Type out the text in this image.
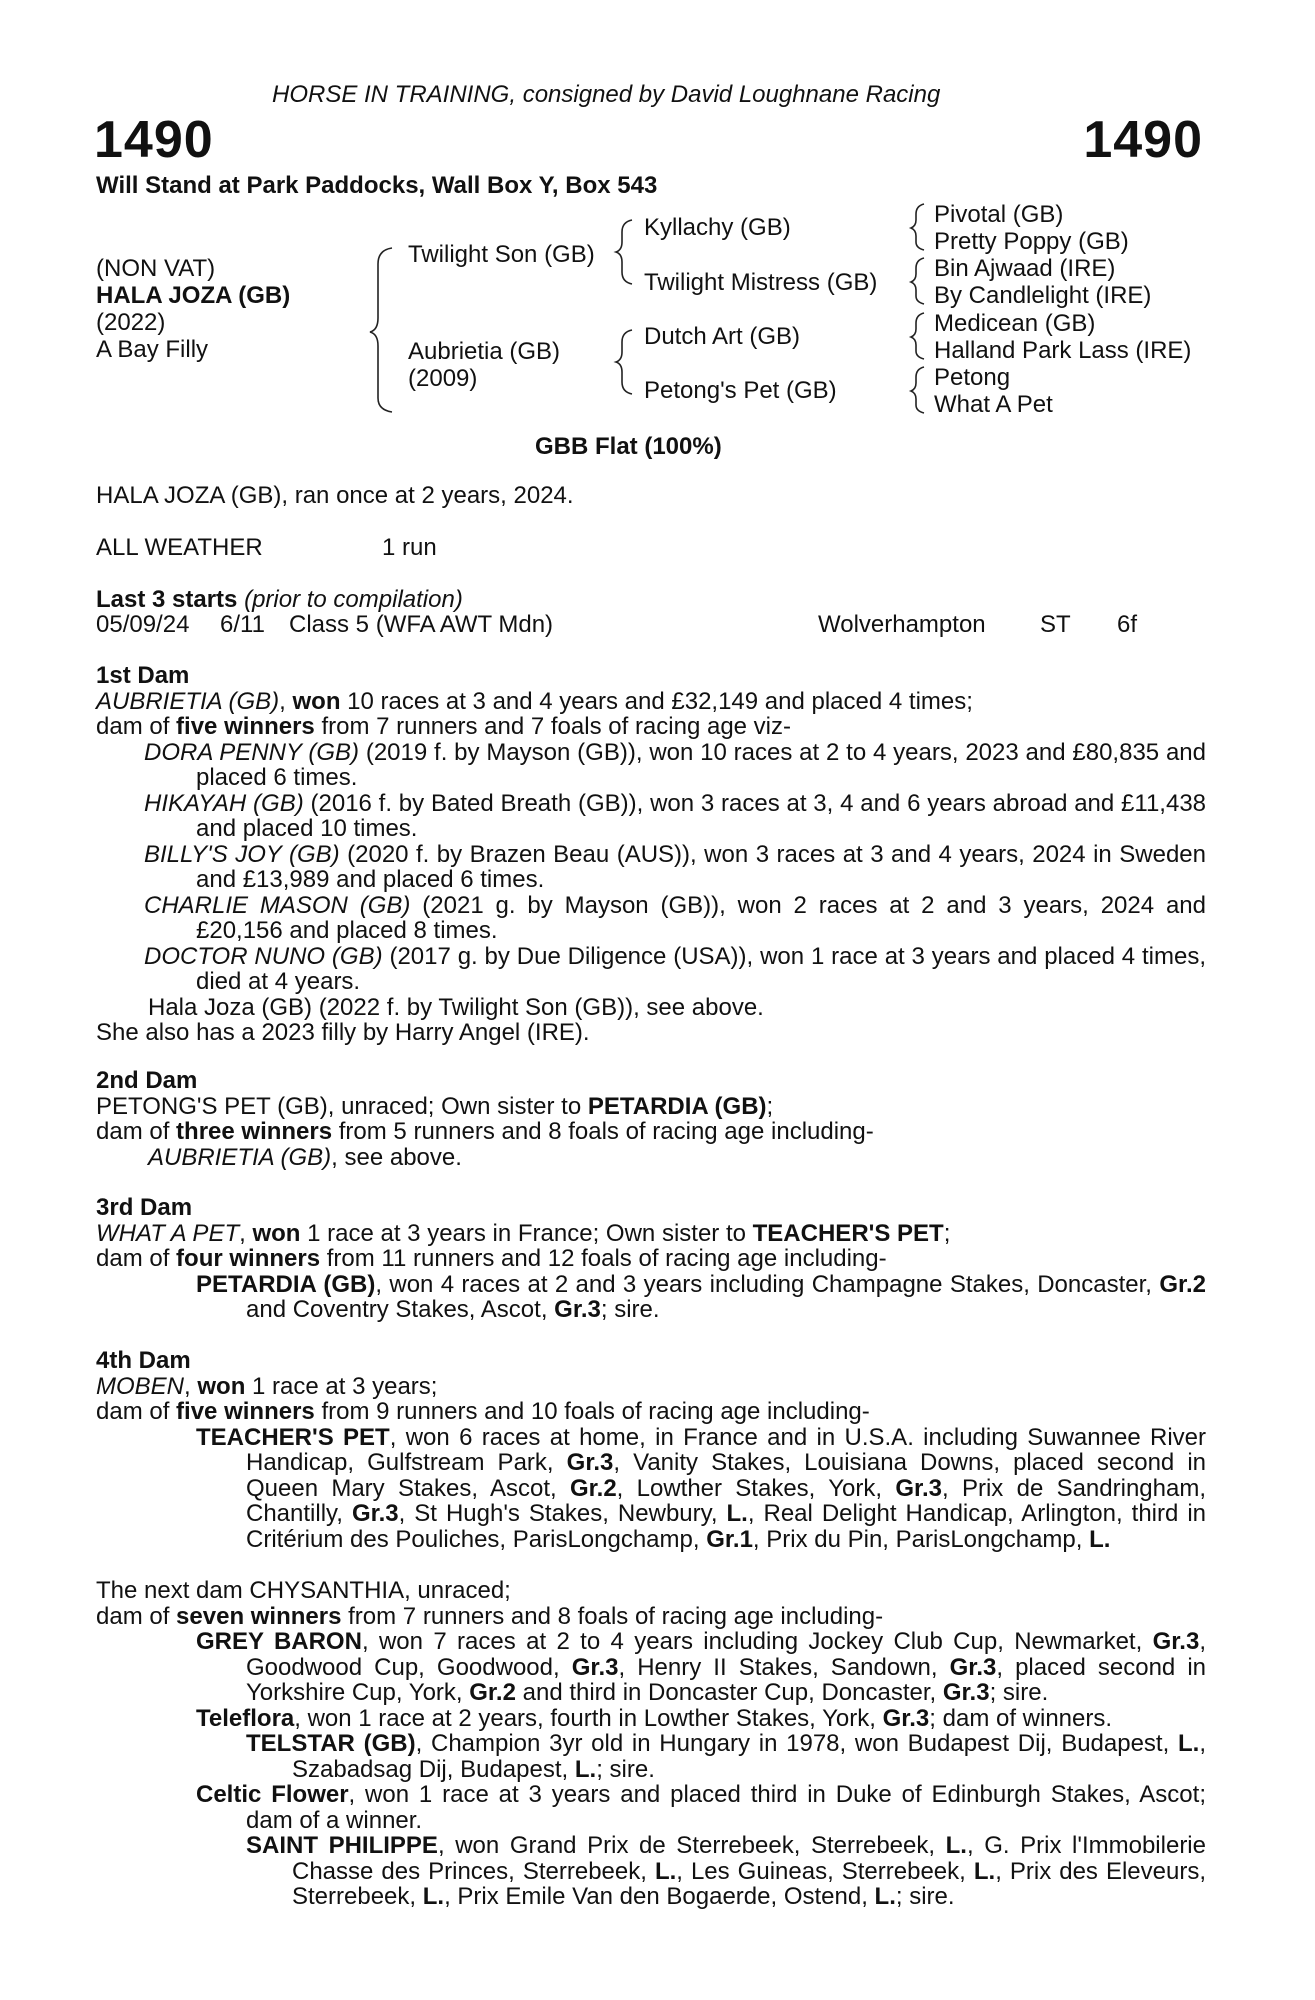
HORSE IN TRAINING, consigned by David Loughnane Racing
1490	1490
Will Stand at Park Paddocks, Wall Box Y, Box 543
(NON VAT)
HALA JOZA (GB)
(2022)
A Bay Filly
Twilight Son (GB)
Aubrietia (GB)
(2009)
Kyllachy (GB)
Twilight Mistress (GB)
Dutch Art (GB)
Petong's Pet (GB)
Pivotal (GB)
Pretty Poppy (GB)
Bin Ajwaad (IRE)
By Candlelight (IRE)
Medicean (GB)
Halland Park Lass (IRE)
Petong
What A Pet
GBB Flat (100%)
HALA JOZA (GB), ran once at 2 years, 2024.
ALL WEATHER	1 run
Last 3 starts (prior to compilation)
05/09/24 6/11 Class 5 (WFA AWT Mdn)	Wolverhampton ST 6f

1st Dam

AUBRIETIA (GB), won 10 races at 3 and 4 years and £32,149 and placed 4 times;

dam of five winners from 7 runners and 7 foals of racing age viz-

DORA PENNY (GB) (2019 f. by Mayson (GB)), won 10 races at 2 to 4 years, 2023 and £80,835 and placed 6 times.

HIKAYAH (GB) (2016 f. by Bated Breath (GB)), won 3 races at 3, 4 and 6 years abroad and £11,438 and placed 10 times.

BILLY'S JOY (GB) (2020 f. by Brazen Beau (AUS)), won 3 races at 3 and 4 years, 2024 in Sweden and £13,989 and placed 6 times.

CHARLIE MASON (GB) (2021 g. by Mayson (GB)), won 2 races at 2 and 3 years, 2024 and £20,156 and placed 8 times.

DOCTOR NUNO (GB) (2017 g. by Due Diligence (USA)), won 1 race at 3 years and placed 4 times, died at 4 years.

Hala Joza (GB) (2022 f. by Twilight Son (GB)), see above.

She also has a 2023 filly by Harry Angel (IRE).

2nd Dam

PETONG'S PET (GB), unraced; Own sister to PETARDIA (GB);

dam of three winners from 5 runners and 8 foals of racing age including-

AUBRIETIA (GB), see above.

3rd Dam

WHAT A PET, won 1 race at 3 years in France; Own sister to TEACHER'S PET;

dam of four winners from 11 runners and 12 foals of racing age including-

PETARDIA (GB), won 4 races at 2 and 3 years including Champagne Stakes, Doncaster, Gr.2 and Coventry Stakes, Ascot, Gr.3; sire.

4th Dam

MOBEN, won 1 race at 3 years;

dam of five winners from 9 runners and 10 foals of racing age including-

TEACHER'S PET, won 6 races at home, in France and in U.S.A. including Suwannee River Handicap, Gulfstream Park, Gr.3, Vanity Stakes, Louisiana Downs, placed second in Queen Mary Stakes, Ascot, Gr.2, Lowther Stakes, York, Gr.3, Prix de Sandringham, Chantilly, Gr.3, St Hugh's Stakes, Newbury, L., Real Delight Handicap, Arlington, third in Critérium des Pouliches, ParisLongchamp, Gr.1, Prix du Pin, ParisLongchamp, L.

The next dam CHYSANTHIA, unraced;

dam of seven winners from 7 runners and 8 foals of racing age including-

GREY BARON, won 7 races at 2 to 4 years including Jockey Club Cup, Newmarket, Gr.3, Goodwood Cup, Goodwood, Gr.3, Henry II Stakes, Sandown, Gr.3, placed second in Yorkshire Cup, York, Gr.2 and third in Doncaster Cup, Doncaster, Gr.3; sire.

Teleflora, won 1 race at 2 years, fourth in Lowther Stakes, York, Gr.3; dam of winners.

TELSTAR (GB), Champion 3yr old in Hungary in 1978, won Budapest Dij, Budapest, L., Szabadsag Dij, Budapest, L.; sire.

Celtic Flower, won 1 race at 3 years and placed third in Duke of Edinburgh Stakes, Ascot; dam of a winner.

SAINT PHILIPPE, won Grand Prix de Sterrebeek, Sterrebeek, L., G. Prix l'Immobilerie Chasse des Princes, Sterrebeek, L., Les Guineas, Sterrebeek, L., Prix des Eleveurs, Sterrebeek, L., Prix Emile Van den Bogaerde, Ostend, L.; sire.
